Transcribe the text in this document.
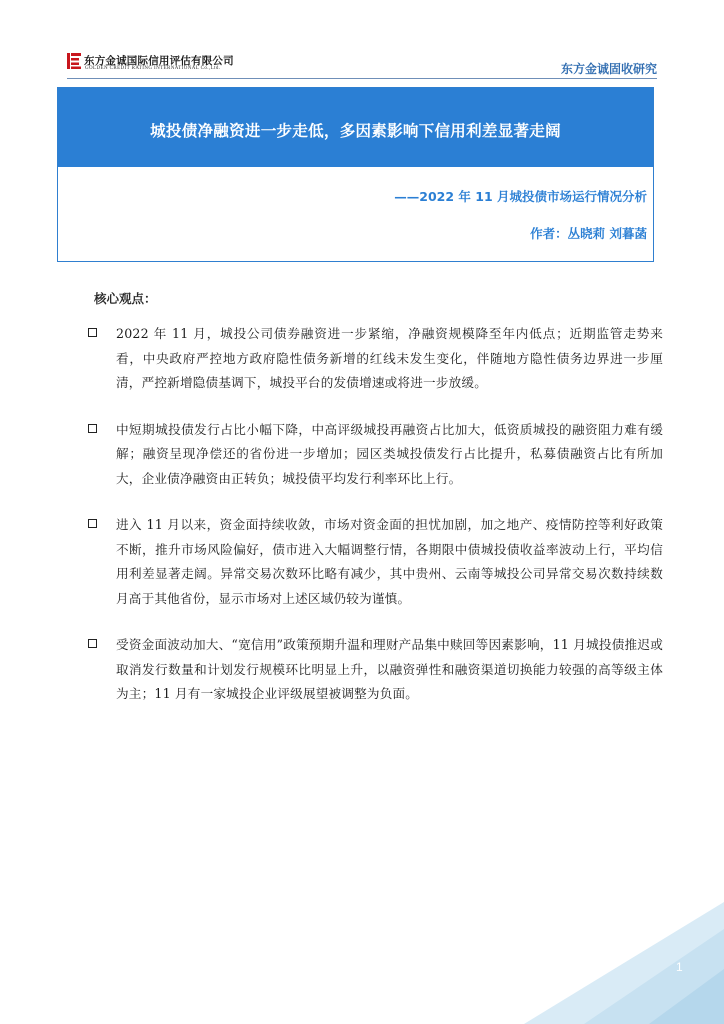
东方金诚国际信用评估有限公司
GOLDEN CREDIT RATING INTERNATIONAL Co.,Ltd.	东方金诚固收研究
城投债净融资进一步走低，多因素影响下信用利差显著走阔
——2022 年 11 月城投债市场运行情况分析
作者：丛晓莉 刘暮菡
核心观点：
2022 年 11 月，城投公司债券融资进一步紧缩，净融资规模降至年内低点；近期监管走势来看，中央政府严控地方政府隐性债务新增的红线未发生变化，伴随地方隐性债务边界进一步厘清，严控新增隐债基调下，城投平台的发债增速或将进一步放缓。
中短期城投债发行占比小幅下降，中高评级城投再融资占比加大，低资质城投的融资阻力难有缓解；融资呈现净偿还的省份进一步增加；园区类城投债发行占比提升，私募债融资占比有所加大，企业债净融资由正转负；城投债平均发行利率环比上行。
进入 11 月以来，资金面持续收敛，市场对资金面的担忧加剧，加之地产、疫情防控等利好政策不断，推升市场风险偏好，债市进入大幅调整行情，各期限中债城投债收益率波动上行，平均信用利差显著走阔。异常交易次数环比略有减少，其中贵州、云南等城投公司异常交易次数持续数月高于其他省份，显示市场对上述区域仍较为谨慎。
受资金面波动加大、“宽信用”政策预期升温和理财产品集中赎回等因素影响，11 月城投债推迟或取消发行数量和计划发行规模环比明显上升，以融资弹性和融资渠道切换能力较强的高等级主体为主；11 月有一家城投企业评级展望被调整为负面。
1
